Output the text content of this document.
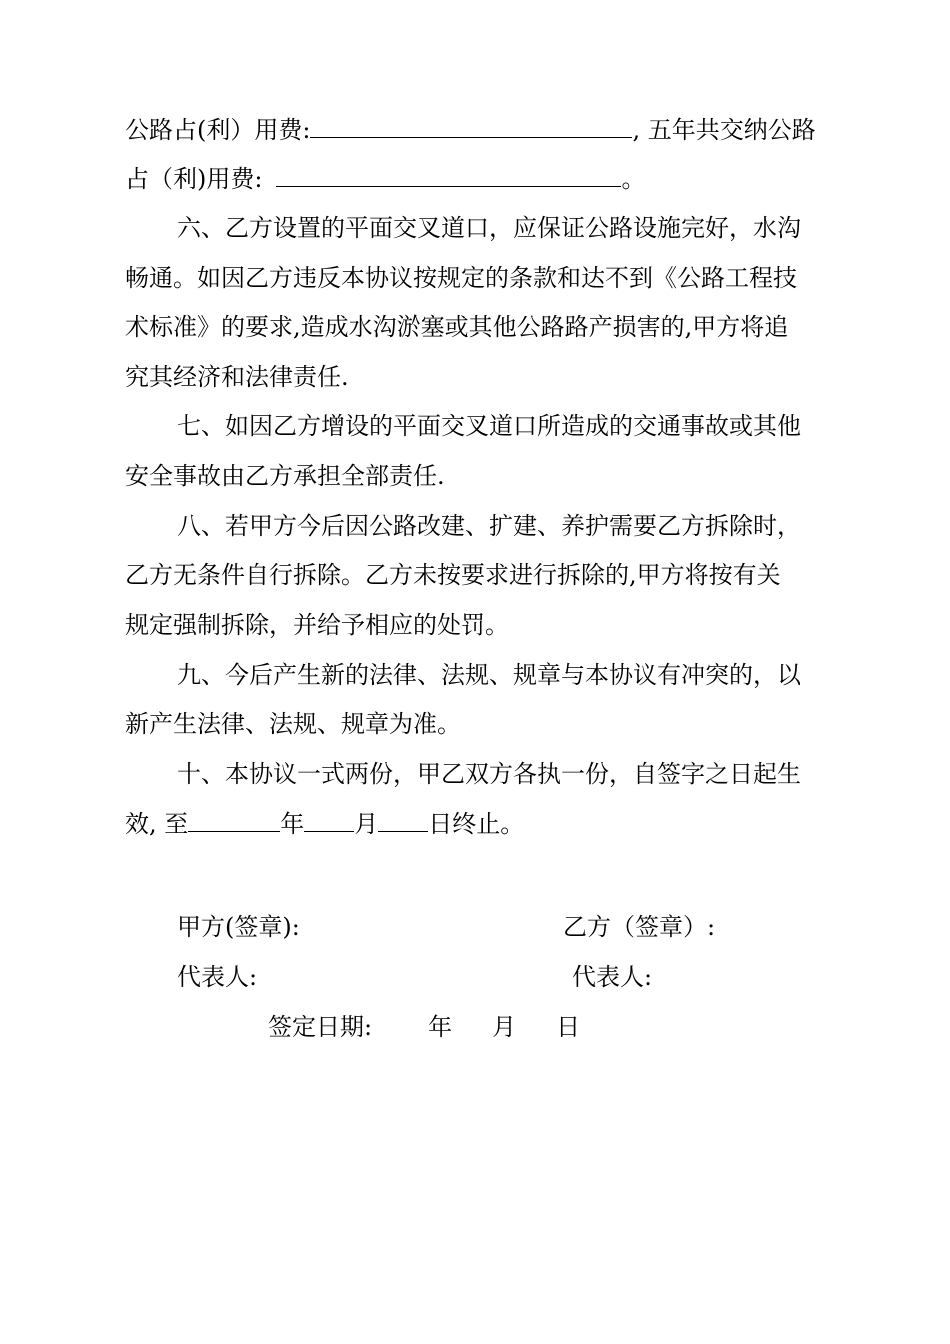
公路占(利）用费:	, 五年共交纳公路
占（利)用费:	。
六、乙方设置的平面交叉道口，应保证公路设施完好，水沟
畅通。如因乙方违反本协议按规定的条款和达不到《公路工程技
术标准》的要求,造成水沟淤塞或其他公路路产损害的,甲方将追
究其经济和法律责任.
七、如因乙方增设的平面交叉道口所造成的交通事故或其他
安全事故由乙方承担全部责任.
八、若甲方今后因公路改建、扩建、养护需要乙方拆除时，
乙方无条件自行拆除。乙方未按要求进行拆除的,甲方将按有关
规定强制拆除，并给予相应的处罚。
九、今后产生新的法律、法规、规章与本协议有冲突的，以
新产生法律、法规、规章为准。
十、本协议一式两份，甲乙双方各执一份，自签字之日起生
效, 至	年 月 日终止。
甲方(签章):	乙方（签章）:
代表人:	代表人:
签定日期: 年 月 日
